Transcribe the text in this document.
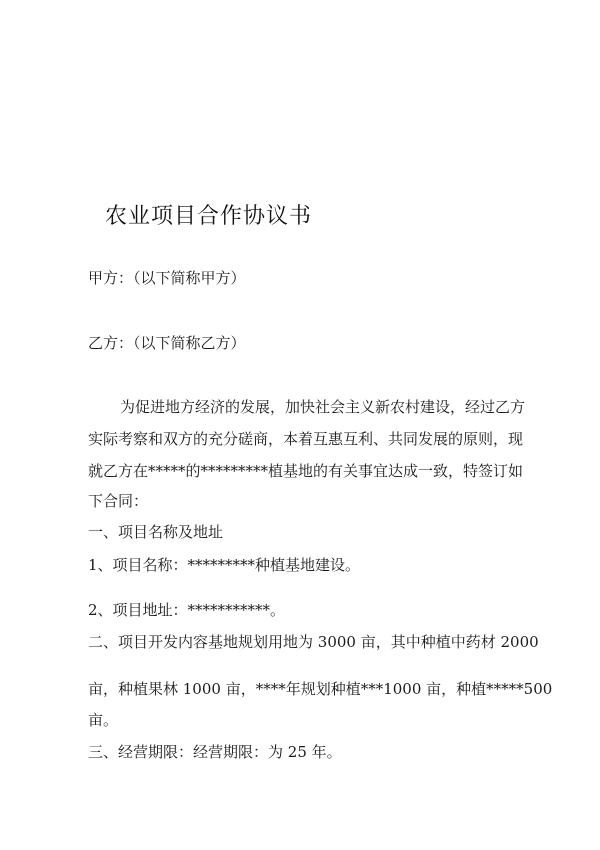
农业项目合作协议书
甲方：（以下简称甲方）
乙方：（以下简称乙方）
为促进地方经济的发展，加快社会主义新农村建设，经过乙方
实际考察和双方的充分磋商，本着互惠互利、共同发展的原则，现
就乙方在*****的*********植基地的有关事宜达成一致，特签订如
下合同：
一、项目名称及地址
1、项目名称：*********种植基地建设。
2、项目地址：***********。
二、项目开发内容基地规划用地为 3000 亩，其中种植中药材 2000
亩，种植果林 1000 亩，****年规划种植***1000 亩，种植*****500
亩。
三、经营期限：经营期限：为 25 年。
